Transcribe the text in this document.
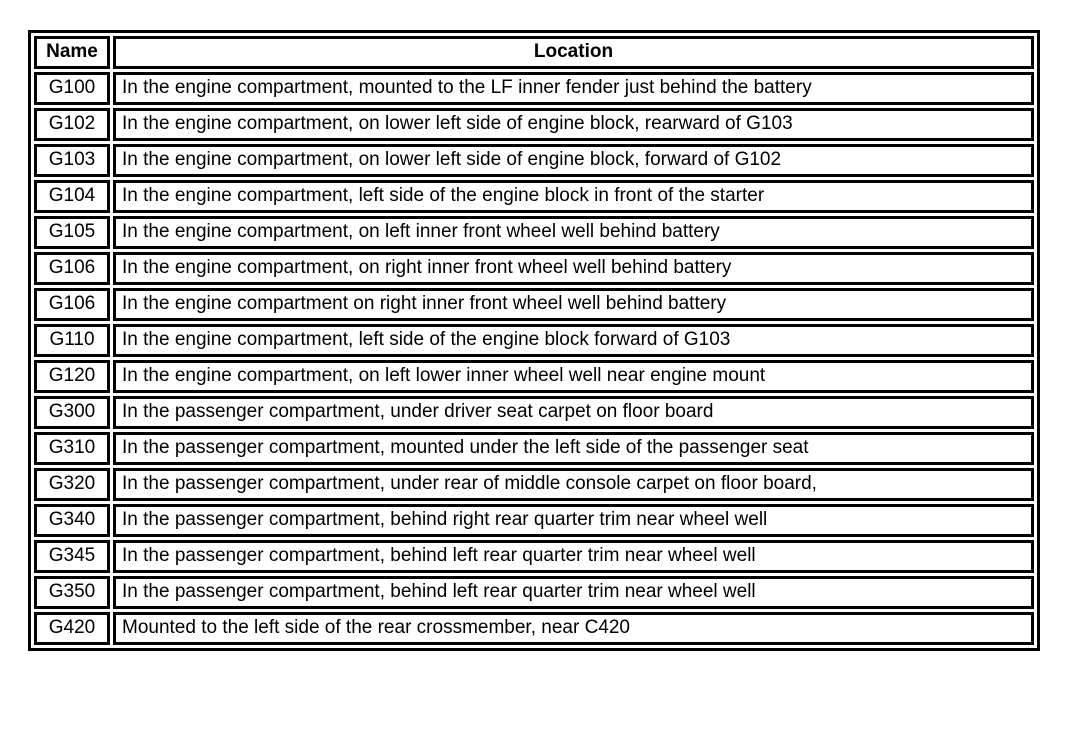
Name	Location
G100	In the engine compartment, mounted to the LF inner fender just behind the battery
G102	In the engine compartment, on lower left side of engine block, rearward of G103
G103	In the engine compartment, on lower left side of engine block, forward of G102
G104	In the engine compartment, left side of the engine block in front of the starter
G105	In the engine compartment, on left inner front wheel well behind battery
G106	In the engine compartment, on right inner front wheel well behind battery
G106	In the engine compartment on right inner front wheel well behind battery
G110	In the engine compartment, left side of the engine block forward of G103
G120	In the engine compartment, on left lower inner wheel well near engine mount
G300	In the passenger compartment, under driver seat carpet on floor board
G310	In the passenger compartment, mounted under the left side of the passenger seat
G320	In the passenger compartment, under rear of middle console carpet on floor board,
G340	In the passenger compartment, behind right rear quarter trim near wheel well
G345	In the passenger compartment, behind left rear quarter trim near wheel well
G350	In the passenger compartment, behind left rear quarter trim near wheel well
G420	Mounted to the left side of the rear crossmember, near C420
